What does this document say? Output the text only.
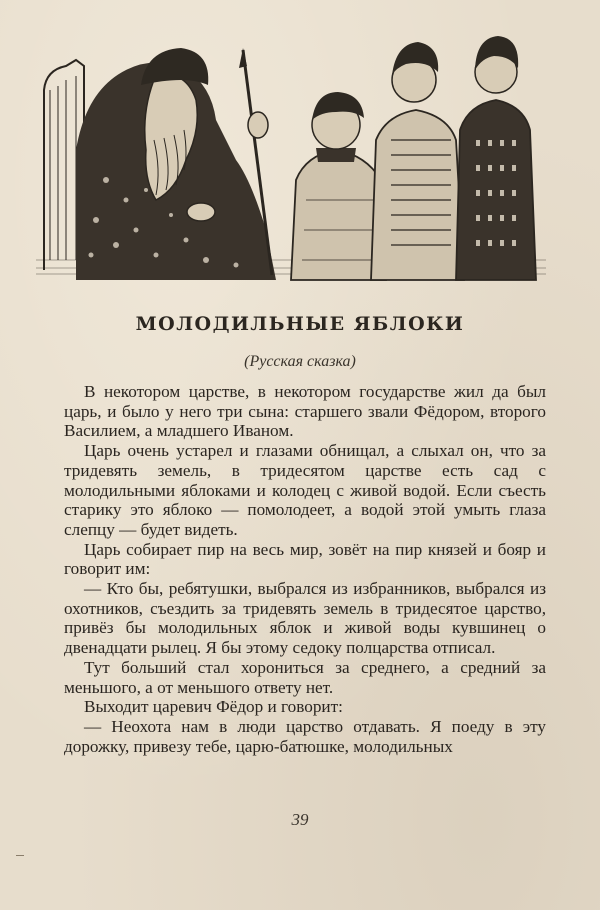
МОЛОДИЛЬНЫЕ ЯБЛОКИ
(Русская сказка)

В некотором царстве, в некотором государстве жил да был царь, и было у него три сына: старшего звали Фёдором, второго Василием, а младшего Иваном.

Царь очень устарел и глазами обнищал, а слыхал он, что за тридевять земель, в тридесятом царстве есть сад с молодильными яблоками и колодец с живой водой. Если съесть старику это яблоко — помолодеет, а водой этой умыть глаза слепцу — будет видеть.

Царь собирает пир на весь мир, зовёт на пир князей и бояр и говорит им:

— Кто бы, ребятушки, выбрался из избранников, выбрался из охотников, съездить за тридевять земель в тридесятое царство, привёз бы молодильных яблок и живой воды кувшинец о двенадцати рылец. Я бы этому седоку полцарства отписал.

Тут больший стал хорониться за среднего, а средний за меньшого, а от меньшого ответу нет.

Выходит царевич Фёдор и говорит:

— Неохота нам в люди царство отдавать. Я поеду в эту дорожку, привезу тебе, царю-батюшке, молодильных

39
